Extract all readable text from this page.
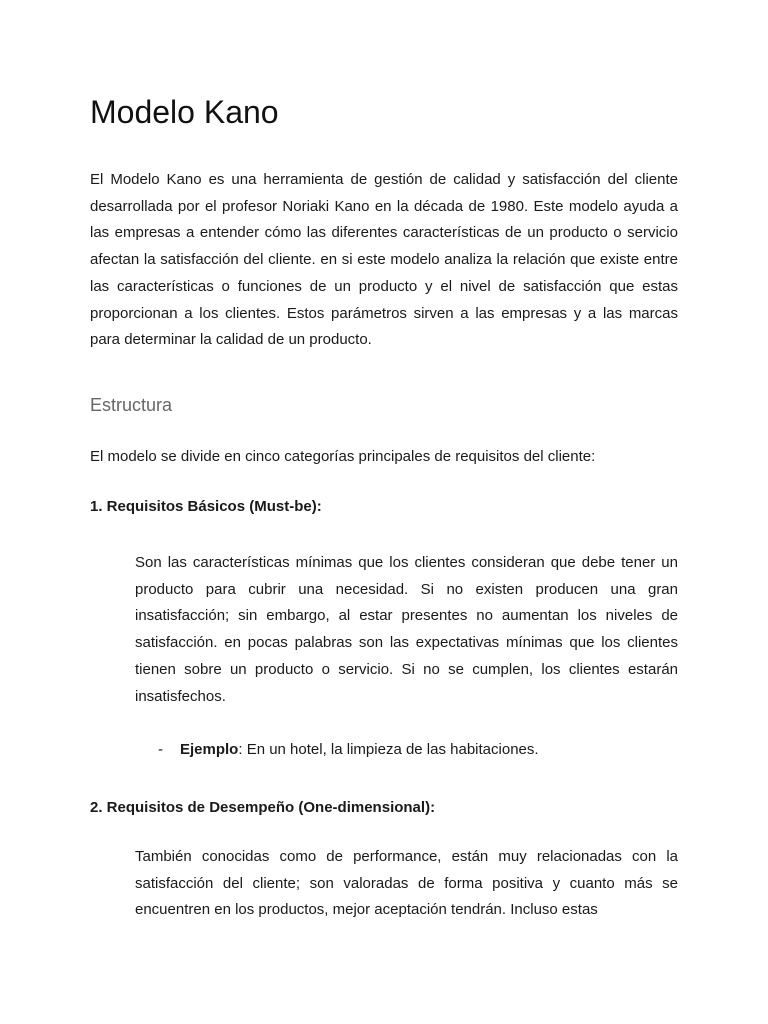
Modelo Kano

El Modelo Kano es una herramienta de gestión de calidad y satisfacción del cliente desarrollada por el profesor Noriaki Kano en la década de 1980. Este modelo ayuda a las empresas a entender cómo las diferentes características de un producto o servicio afectan la satisfacción del cliente. en si este modelo analiza la relación que existe entre las características o funciones de un producto y el nivel de satisfacción que estas proporcionan a los clientes. Estos parámetros sirven a las empresas y a las marcas para determinar la calidad de un producto.

Estructura

El modelo se divide en cinco categorías principales de requisitos del cliente:

1. Requisitos Básicos (Must-be):

Son las características mínimas que los clientes consideran que debe tener un producto para cubrir una necesidad. Si no existen producen una gran insatisfacción; sin embargo, al estar presentes no aumentan los niveles de satisfacción. en pocas palabras son las expectativas mínimas que los clientes tienen sobre un producto o servicio. Si no se cumplen, los clientes estarán insatisfechos.

- Ejemplo: En un hotel, la limpieza de las habitaciones.

2. Requisitos de Desempeño (One-dimensional):

También conocidas como de performance, están muy relacionadas con la satisfacción del cliente; son valoradas de forma positiva y cuanto más se encuentren en los productos, mejor aceptación tendrán. Incluso estas
